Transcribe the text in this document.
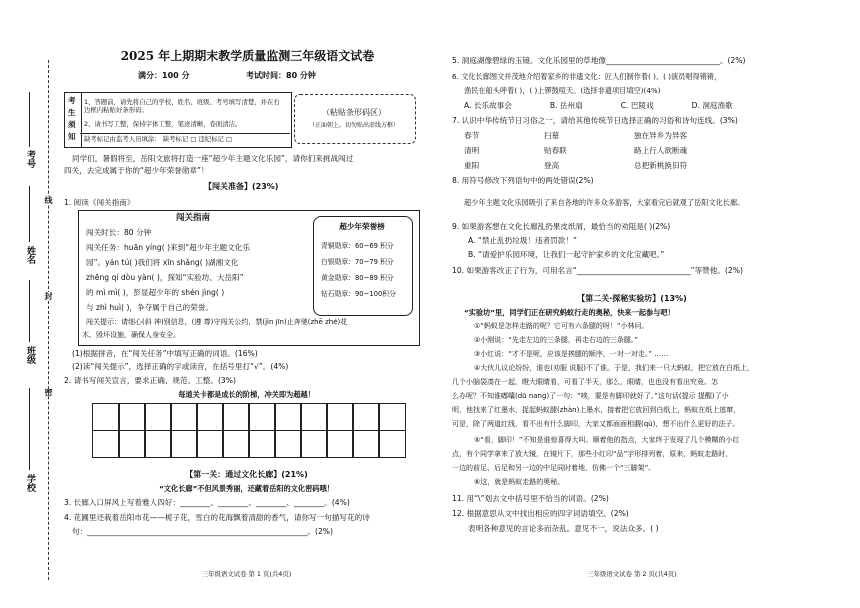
考号
姓名
班级
学校
线
封
密
2025 年上期期末教学质量监测三年级语文试卷
满分：100 分	考试时间：80 分钟
考
生
须
知
1、答题前，请先将自己的学校、姓名、班级、考号填写清楚，并在右边框内粘贴好条形码；
2、请书写工整，保持字体工整，笔迹清晰，卷面清洁。
缺考标记由监考人员填涂： 缺考标记 □ 违纪标记 □
（粘贴条形码区）
（正面朝上，切勿贴出虚线方框）
同学们，暑假将至，岳阳文旅将打造一座“超少年主题文化乐园”，请你们来挑战闯过
四关，去完成属于你的“超少年荣誉勋章”！
【闯关准备】(23%)
1. 阅读《闯关指南》
闯关指南
闯关时长：80 分钟
闯关任务：huān yíng( )来到“超少年主题文化乐
园”。yán tú( )我们将 xīn shǎng( )湖湘文化
zhēng qí dòu yàn( )，探知“实验坊、大岳阳”
的 mì mì( )，彭显超少年的 shén jìng( )
与 zhì huì( )，争夺属于自己的荣誉。
闯关提示：请细心(斜 神)别信息，(遵 尊)守闯关公约，禁(jìn jīn)止奔驰(zhē zhé)花
木、毁坏设施，确保人身安全。
超少年荣誉榜
青铜勋章：60~69 积分
白银勋章：70~79 积分
黄金勋章：80~89 积分
钻石勋章：90~100积分
(1)根据拼音，在“闯关任务”中填写正确的词语。(16%)
(2)读“闯关提示”，选择正确的字或读音，在括号里打“√”。(4%)
2. 请书写闯关宣言，要求正确、规范、工整。(3%)
每道关卡都是成长的阶梯，冲关即为超越！
【第一关：通过文化长廊】(21%)
“文化长廊”不但风景秀丽，还藏着岳阳的文化密码哦！
3. 长廊入口屏风上写着雅人四好：________、________、________、________。(4%)
4. 花圃里还栽着岳阳市花——栀子花，雪白的花海飘着清甜的香气，请你写一句描写花的诗
句：__________________________________________________________。(2%)
三年级语文试卷 第 1 页(共4页)
5. 洞庭湖像碧绿的玉镜。文化乐园里的草地像______________________________。(2%)
6. 文化长廊图文并茂地介绍着家乡的非遗文化：匠人们制作着( )、( )演员唱得锵锵，
渔民在船头呼着( )，( )上锣鼓喧天。(选择非遗项目填空)(4%)
A. 长乐故事会	B. 岳州扇	C. 巴陵戏	D. 洞庭渔歌
7. 认识中华传统节日习俗之一，请给其他传统节日选择正确的习俗和诗句连线。(3%)
春节
清明
重阳
扫墓
贴春联
登高
独在异乡为异客
路上行人欲断魂
总把新桃换旧符
8. 用符号修改下列语句中的两处错误(2%)
超少年主题文化乐园吸引了来自各地的许多众多游客，大家看完后就观了岳阳文化长廊。
9. 如果游客想在文化长廊乱扔果皮纸屑，最恰当的劝阻是( )(2%)
A. “禁止乱扔垃圾！违者罚款！”
B. “请爱护乐园环境，让我们一起守护家乡的文化宝藏吧。”
10. 如果游客改正了行为，可用名言“______________________________”等赞他。(2%)
【第二关·探秘实验坊】(13%)
“实验坊”里，同学们正在研究蚂蚁行走的奥秘，快来一起参与吧！
①“蚂蚁是怎样走路的呢？它可有六条腿的呀！”小林问。
②小刚说：“先走左边的三条腿，再走右边的三条腿。”
③小红说：“才不是呢，应该是挨腿的顺序，一对一对走。” ……
④大伙儿议论纷纷，谁也(劝服 说服)不了谁。于是，我们来一只大蚂蚁，把它放在白纸上，
几个小脑袋凑在一起，瞪大眼睛看，可看了半天，那么，眼睛，也也没有看出究竟。怎
么办呢？不知谁嘟囔(dū nang)了一句：“唉，要是有脚印就好了。”这句话(提示 提醒)了小
明，他找来了红墨水，捉起蚂蚁腿(zhàn)上墨水，接着把它放回到白纸上，蚂蚁在纸上逃窜，
可是，除了两道红线，看不出有什么脚印，大家又都面面相觑(qù)，想不出什么更好的法子。
⑤“看，脚印！”不知是谁惊喜得大叫。顺着他的指点，大家终于发现了几个模糊的小红
点，有个同学拿来了放大镜，在镜片下，那些小红印“品”字形排列着，原来，蚂蚁走路时，
一边的前足、后足和另一边的中足同时着地，仿佛一个“三脚架”。
⑥这，就是蚂蚁走路的奥秘。
11. 用“\”划去文中括号里不恰当的词语。(2%)
12. 根据意思从文中找出相应的四字词语填空。(2%)
表明各种意见的言论多而杂乱。意见不一，说法众多。( )
三年级语文试卷 第 2 页(共4页)
